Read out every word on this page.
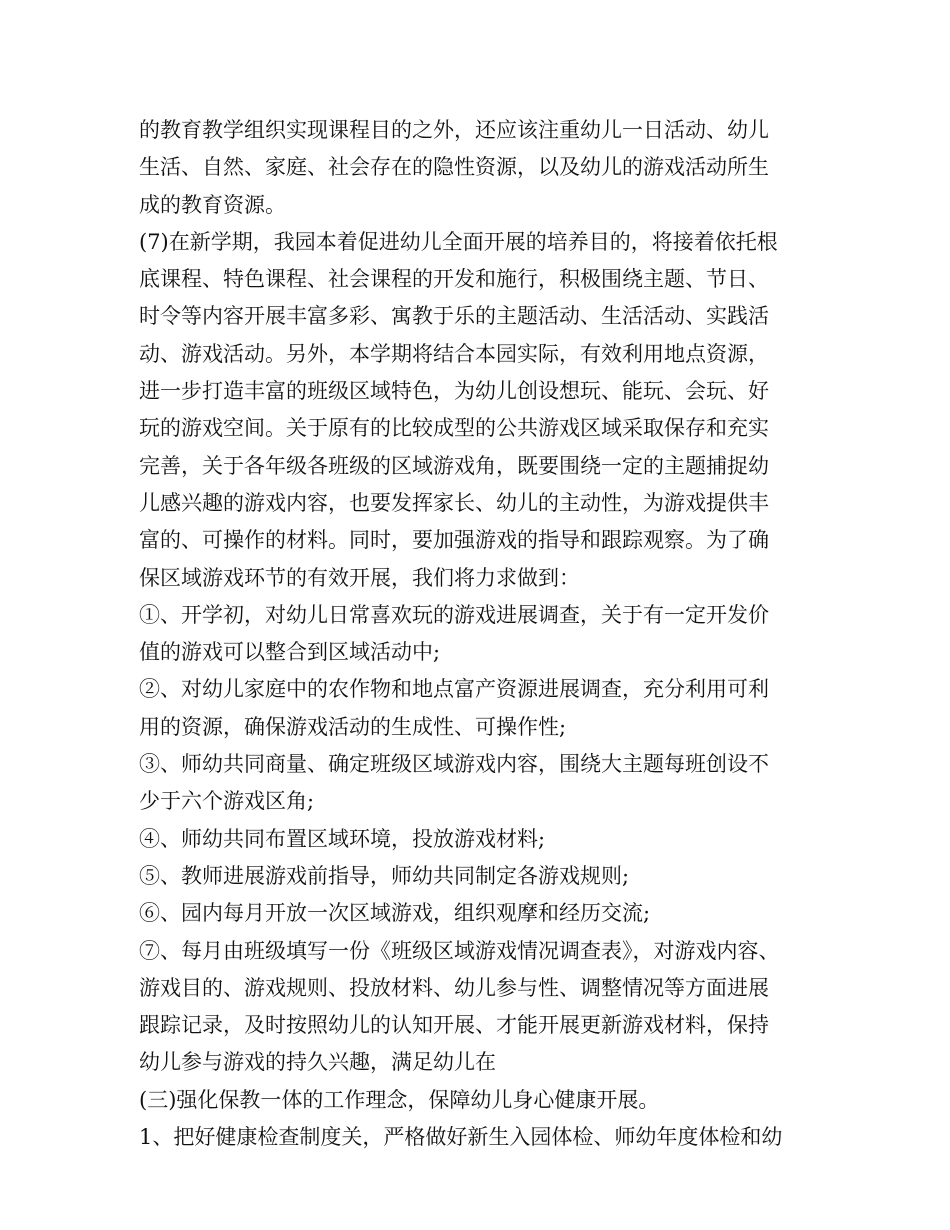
的教育教学组织实现课程目的之外，还应该注重幼儿一日活动、幼儿
生活、自然、家庭、社会存在的隐性资源，以及幼儿的游戏活动所生
成的教育资源。
(7)在新学期，我园本着促进幼儿全面开展的培养目的，将接着依托根
底课程、特色课程、社会课程的开发和施行，积极围绕主题、节日、
时令等内容开展丰富多彩、寓教于乐的主题活动、生活活动、实践活
动、游戏活动。另外，本学期将结合本园实际，有效利用地点资源，
进一步打造丰富的班级区域特色，为幼儿创设想玩、能玩、会玩、好
玩的游戏空间。关于原有的比较成型的公共游戏区域采取保存和充实
完善，关于各年级各班级的区域游戏角，既要围绕一定的主题捕捉幼
儿感兴趣的游戏内容，也要发挥家长、幼儿的主动性，为游戏提供丰
富的、可操作的材料。同时，要加强游戏的指导和跟踪观察。为了确
保区域游戏环节的有效开展，我们将力求做到：
①、开学初，对幼儿日常喜欢玩的游戏进展调查，关于有一定开发价
值的游戏可以整合到区域活动中;
②、对幼儿家庭中的农作物和地点富产资源进展调查，充分利用可利
用的资源，确保游戏活动的生成性、可操作性;
③、师幼共同商量、确定班级区域游戏内容，围绕大主题每班创设不
少于六个游戏区角;
④、师幼共同布置区域环境，投放游戏材料;
⑤、教师进展游戏前指导，师幼共同制定各游戏规则;
⑥、园内每月开放一次区域游戏，组织观摩和经历交流;
⑦、每月由班级填写一份《班级区域游戏情况调查表》，对游戏内容、
游戏目的、游戏规则、投放材料、幼儿参与性、调整情况等方面进展
跟踪记录，及时按照幼儿的认知开展、才能开展更新游戏材料，保持
幼儿参与游戏的持久兴趣，满足幼儿在
(三)强化保教一体的工作理念，保障幼儿身心健康开展。
1、把好健康检查制度关，严格做好新生入园体检、师幼年度体检和幼
